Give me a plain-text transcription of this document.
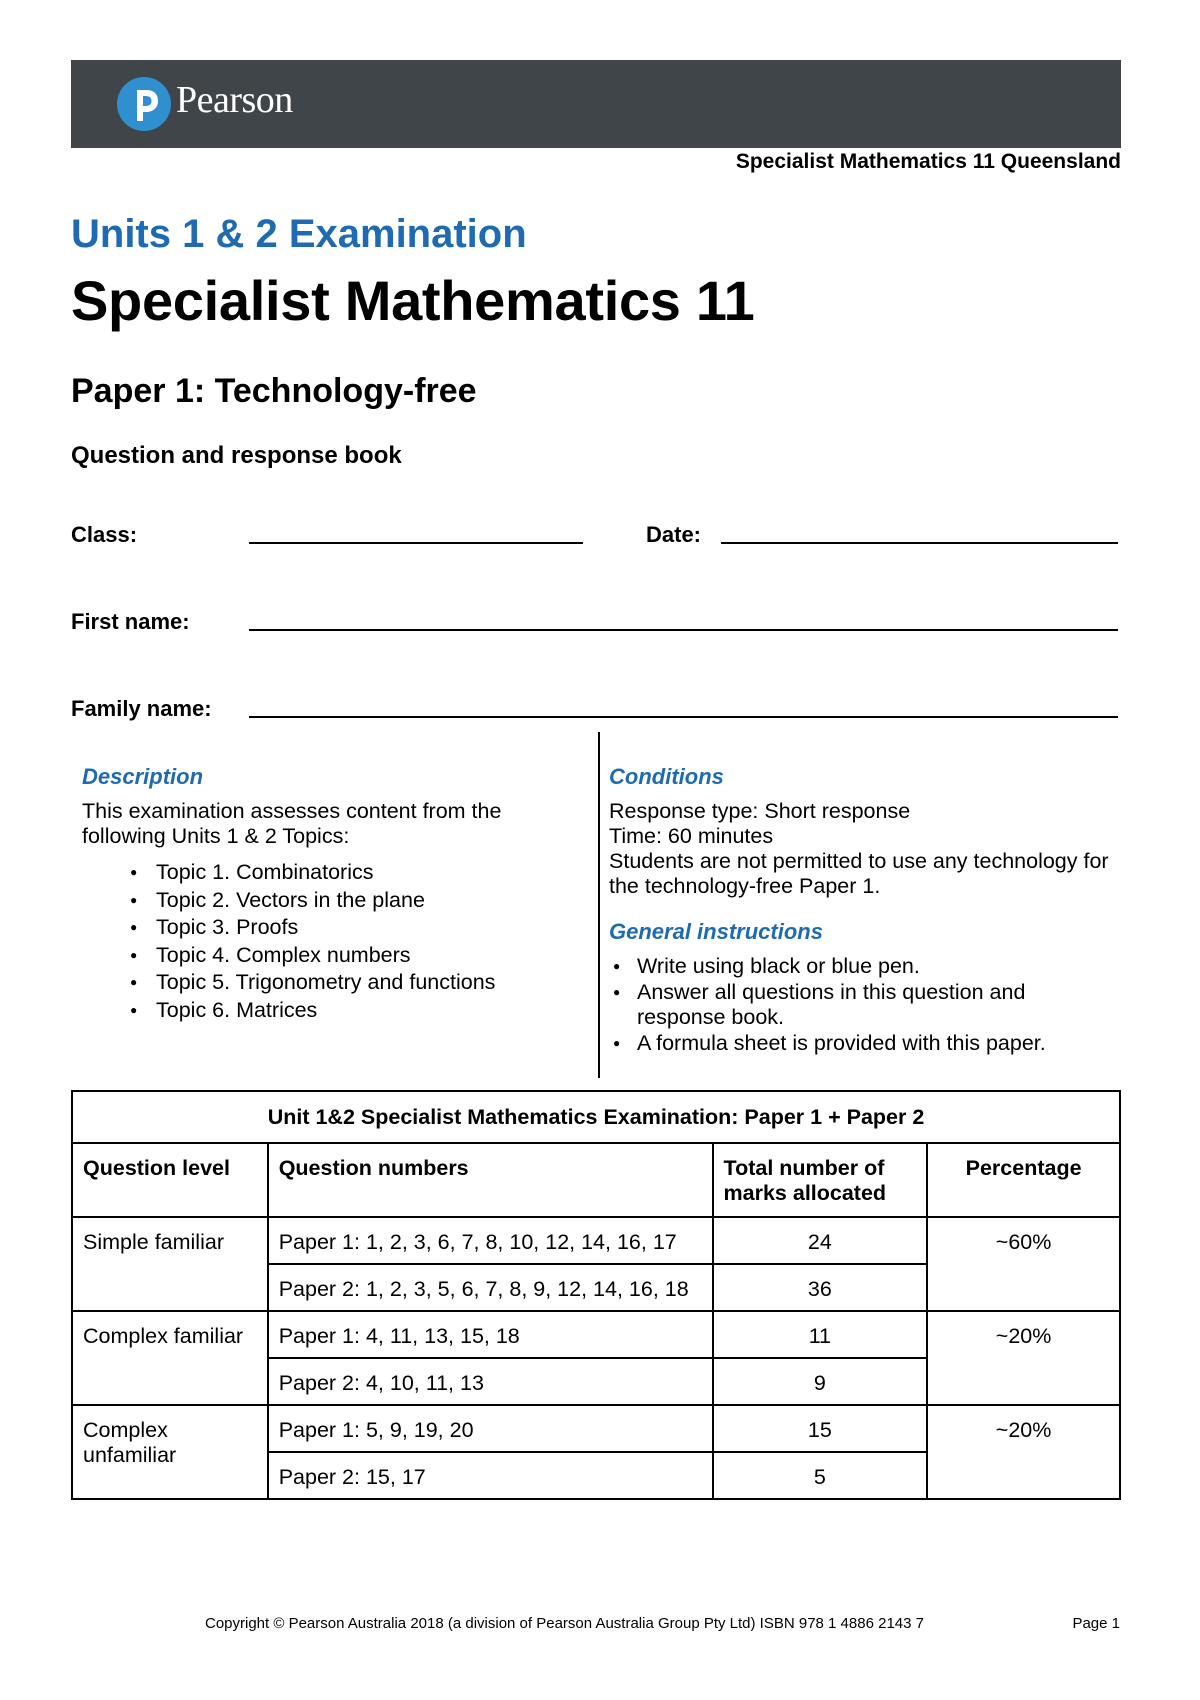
Pearson
Specialist Mathematics 11 Queensland
Units 1 & 2 Examination
Specialist Mathematics 11
Paper 1: Technology-free
Question and response book
Class:	Date:
First name:
Family name:
Description

This examination assesses content from the following Units 1 & 2 Topics:

● Topic 1. Combinatorics
● Topic 2. Vectors in the plane
● Topic 3. Proofs
● Topic 4. Complex numbers
● Topic 5. Trigonometry and functions
● Topic 6. Matrices
Conditions

Response type: Short response

Time: 60 minutes

Students are not permitted to use any technology for the technology-free Paper 1.

General instructions
● Write using black or blue pen.
● Answer all questions in this question and response book.
● A formula sheet is provided with this paper.
Unit 1&2 Specialist Mathematics Examination: Paper 1 + Paper 2			
Question level	Question numbers	Total number of marks allocated	Percentage
Simple familiar	Paper 1: 1, 2, 3, 6, 7, 8, 10, 12, 14, 16, 17	24	~60%
	Paper 2: 1, 2, 3, 5, 6, 7, 8, 9, 12, 14, 16, 18	36	
Complex familiar	Paper 1: 4, 11, 13, 15, 18	11	~20%
	Paper 2: 4, 10, 11, 13	9	
Complex unfamiliar	Paper 1: 5, 9, 19, 20	15	~20%
	Paper 2: 15, 17	5	
Copyright © Pearson Australia 2018 (a division of Pearson Australia Group Pty Ltd) ISBN 978 1 4886 2143 7	Page 1
